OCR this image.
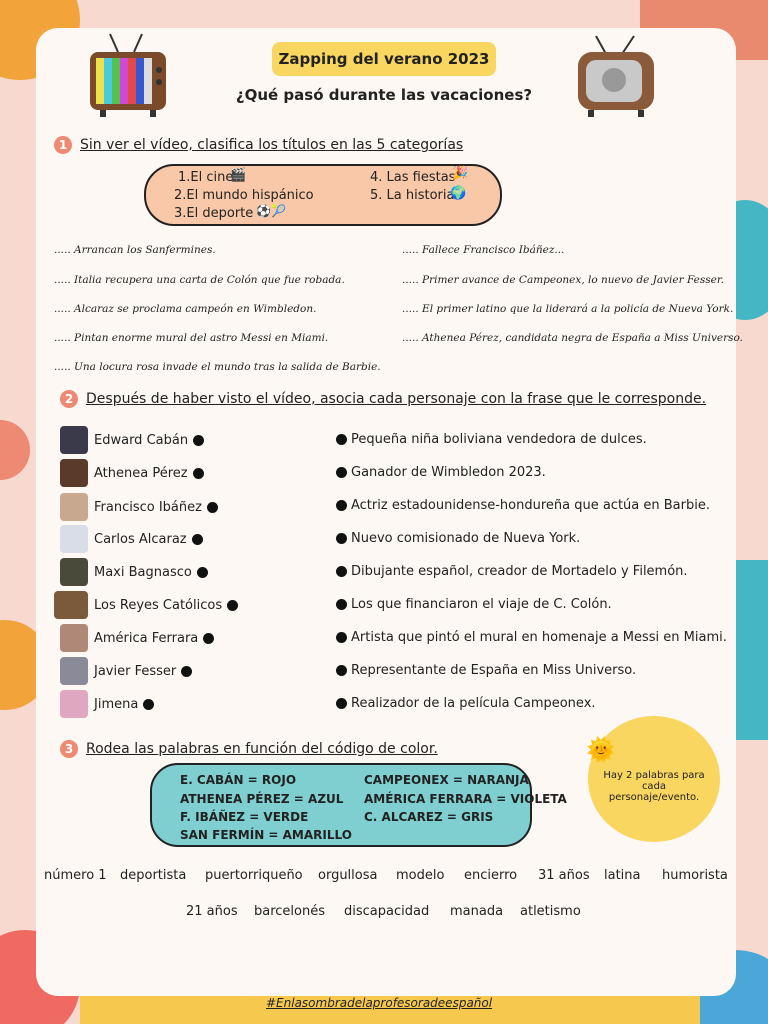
Zapping del verano 2023
¿Qué pasó durante las vacaciones?
1 Sin ver el vídeo, clasifica los títulos en las 5 categorías
1.El cine
2.El mundo hispánico
3.El deporte
4. Las fiestas
5. La historia
🎬	🎉
🌍
⚽🎾
..... Arrancan los Sanfermines.
..... Italia recupera una carta de Colón que fue robada.
..... Alcaraz se proclama campeón en Wimbledon.
..... Pintan enorme mural del astro Messi en Miami.
..... Una locura rosa invade el mundo tras la salida de Barbie.
..... Fallece Francisco Ibáñez...
..... Primer avance de Campeonex, lo nuevo de Javier Fesser.
..... El primer latino que la liderará a la policía de Nueva York.
..... Athenea Pérez, candidata negra de España a Miss Universo.
2 Después de haber visto el vídeo, asocia cada personaje con la frase que le corresponde.
Edward Cabán
Athenea Pérez
Francisco Ibáñez
Carlos Alcaraz
Maxi Bagnasco
Los Reyes Católicos
América Ferrara
Javier Fesser
Jimena
Pequeña niña boliviana vendedora de dulces.
Ganador de Wimbledon 2023.
Actriz estadounidense-hondureña que actúa en Barbie.
Nuevo comisionado de Nueva York.
Dibujante español, creador de Mortadelo y Filemón.
Los que financiaron el viaje de C. Colón.
Artista que pintó el mural en homenaje a Messi en Miami.
Representante de España en Miss Universo.
Realizador de la película Campeonex.
3 Rodea las palabras en función del código de color.
E. CABÁN = ROJO
ATHENEA PÉREZ = AZUL
F. IBÁÑEZ = VERDE
SAN FERMÍN = AMARILLO
CAMPEONEX = NARANJA
AMÉRICA FERRARA = VIOLETA
C. ALCAREZ = GRIS
Hay 2 palabras para cada personaje/evento.
🌞
número 1 deportista puertorriqueño orgullosa modelo encierro 31 años latina humorista
21 años barcelonés discapacidad manada atletismo
#Enlasombradelaprofesoradeespañol
